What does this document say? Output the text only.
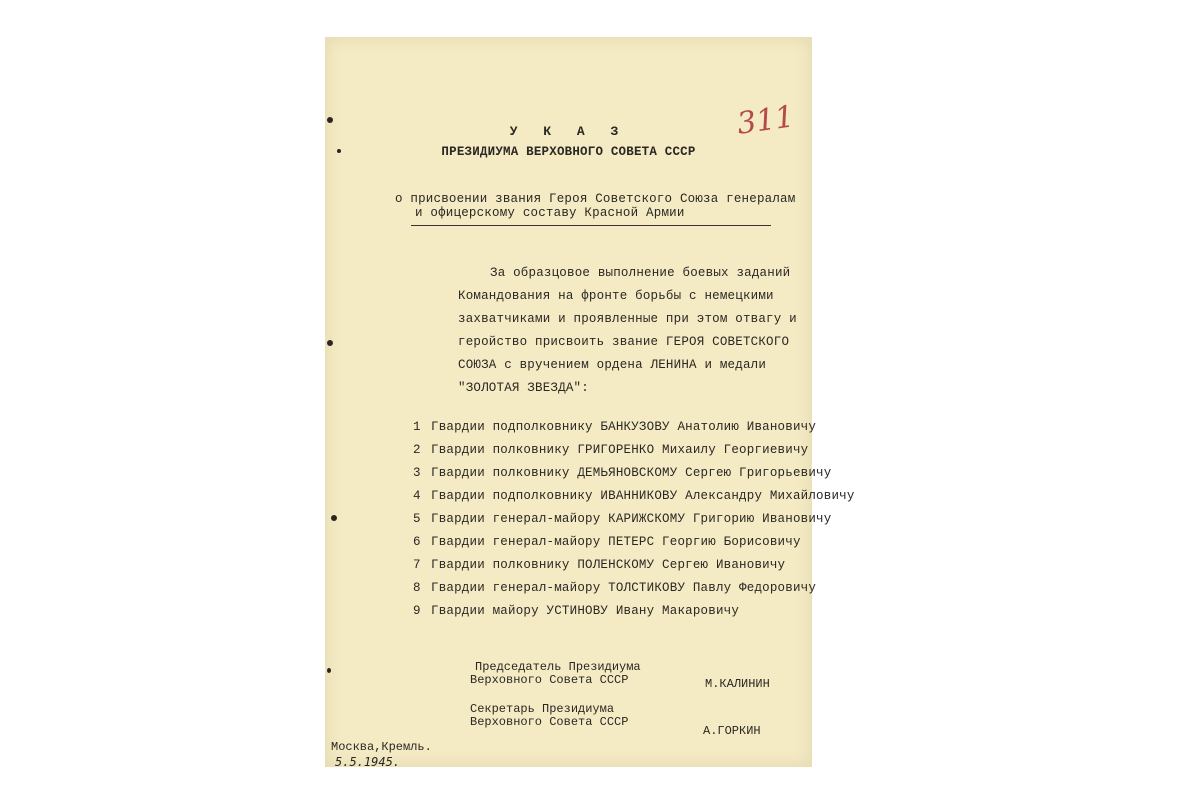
311
У К А З
ПРЕЗИДИУМА ВЕРХОВНОГО СОВЕТА СССР
о присвоении звания Героя Советского Союза генералам
и офицерскому составу Красной Армии
За образцовое выполнение боевых заданий
Командования на фронте борьбы с немецкими
захватчиками и проявленные при этом отвагу и
геройство присвоить звание ГЕРОЯ СОВЕТСКОГО
СОЮЗА с вручением ордена ЛЕНИНА и медали
"ЗОЛОТАЯ ЗВЕЗДА":
1 Гвардии подполковнику БАНКУЗОВУ Анатолию Ивановичу
2 Гвардии полковнику ГРИГОРЕНКО Михаилу Георгиевичу
3 Гвардии полковнику ДЕМЬЯНОВСКОМУ Сергею Григорьевичу
4 Гвардии подполковнику ИВАННИКОВУ Александру Михайловичу
5 Гвардии генерал-майору КАРИЖСКОМУ Григорию Ивановичу
6 Гвардии генерал-майору ПЕТЕРС Георгию Борисовичу
7 Гвардии полковнику ПОЛЕНСКОМУ Сергею Ивановичу
8 Гвардии генерал-майору ТОЛСТИКОВУ Павлу Федоровичу
9 Гвардии майору УСТИНОВУ Ивану Макаровичу
Председатель Президиума
Верховного Совета СССР	М.КАЛИНИН
Секретарь Президиума
Верховного Совета СССР
А.ГОРКИН
Москва,Кремль.
5.5.1945.
